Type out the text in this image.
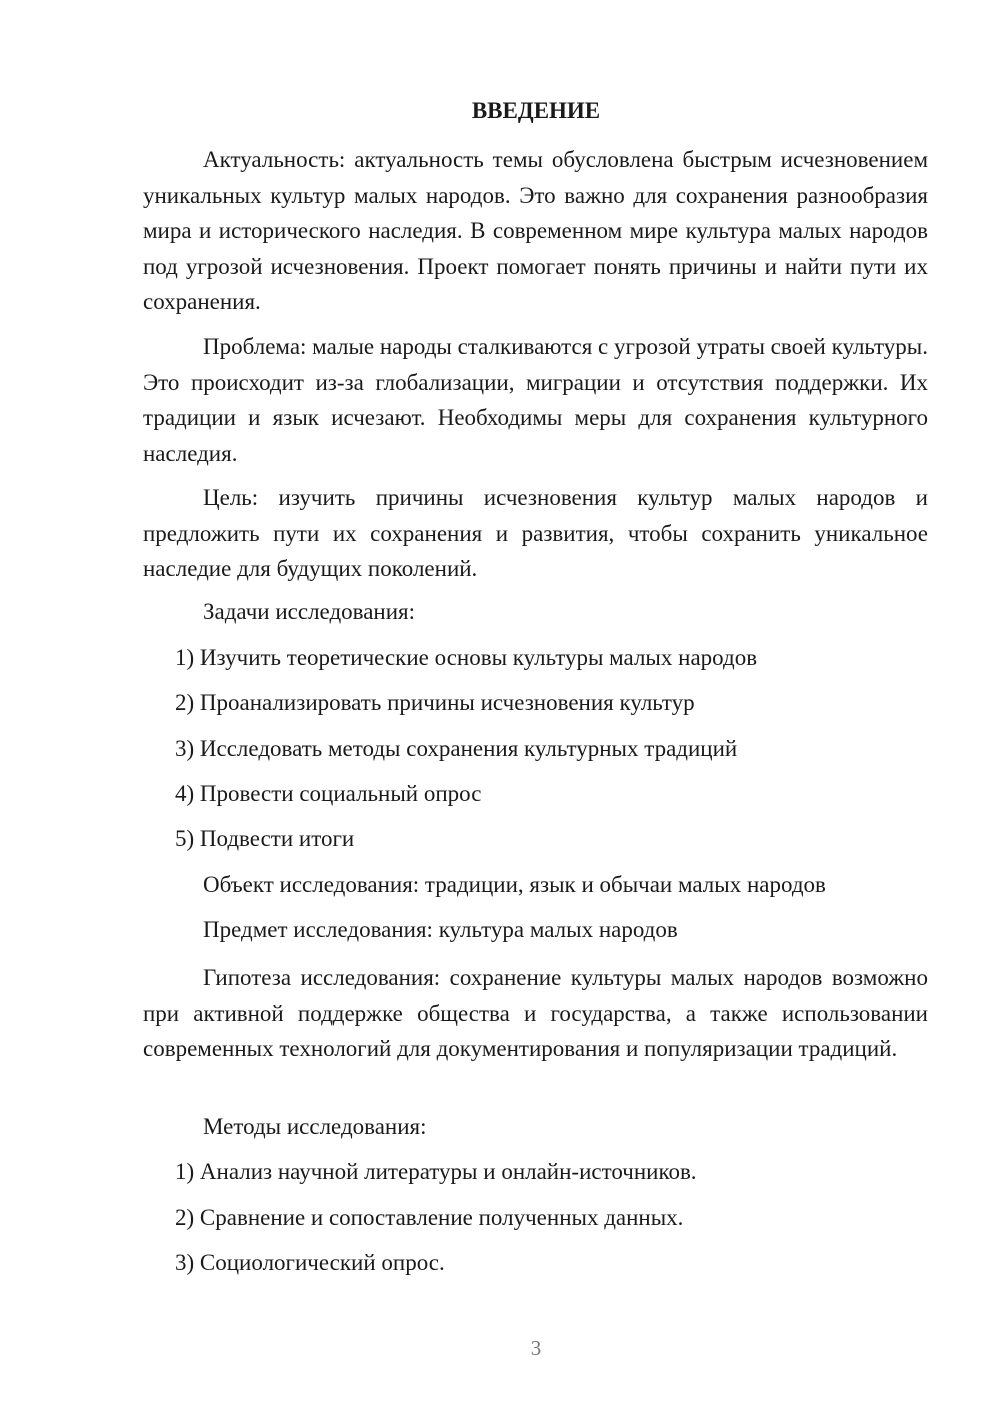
ВВЕДЕНИЕ

Актуальность: актуальность темы обусловлена быстрым исчезновением уникальных культур малых народов. Это важно для сохранения разнообразия мира и исторического наследия. В современном мире культура малых народов под угрозой исчезновения. Проект помогает понять причины и найти пути их сохранения.

Проблема: малые народы сталкиваются с угрозой утраты своей культуры. Это происходит из-за глобализации, миграции и отсутствия поддержки. Их традиции и язык исчезают. Необходимы меры для сохранения культурного наследия.

Цель: изучить причины исчезновения культур малых народов и предложить пути их сохранения и развития, чтобы сохранить уникальное наследие для будущих поколений.

Задачи исследования:

1) Изучить теоретические основы культуры малых народов

2) Проанализировать причины исчезновения культур

3) Исследовать методы сохранения культурных традиций

4) Провести социальный опрос

5) Подвести итоги

Объект исследования: традиции, язык и обычаи малых народов

Предмет исследования: культура малых народов

Гипотеза исследования: сохранение культуры малых народов возможно при активной поддержке общества и государства, а также использовании современных технологий для документирования и популяризации традиций.

Методы исследования:

1) Анализ научной литературы и онлайн-источников.

2) Сравнение и сопоставление полученных данных.

3) Социологический опрос.

3
